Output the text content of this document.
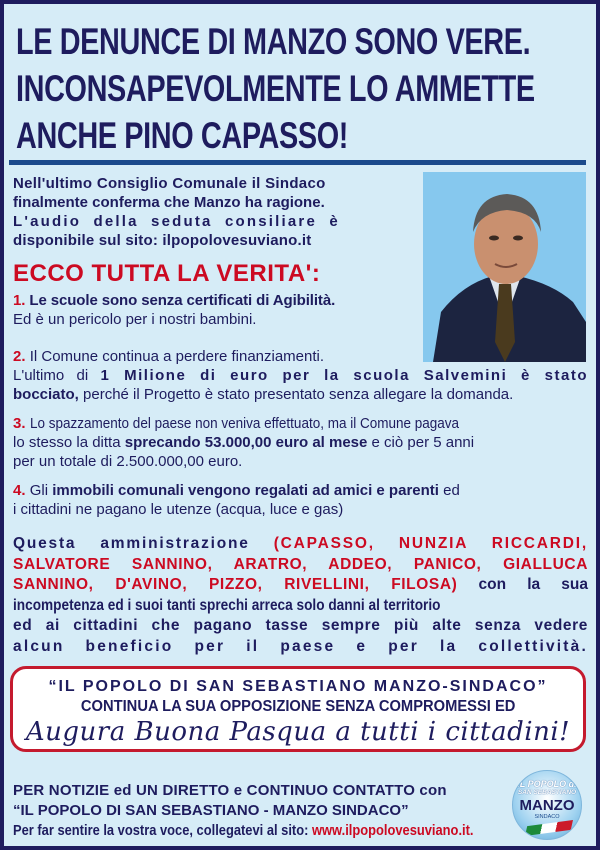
LE DENUNCE DI MANZO SONO VERE.
INCONSAPEVOLMENTE LO AMMETTE
ANCHE PINO CAPASSO!
Nell'ultimo Consiglio Comunale il Sindaco
finalmente conferma che Manzo ha ragione.
L'audio della seduta consiliare è
disponibile sul sito: ilpopolovesuviano.it
ECCO TUTTA LA VERITA':
1. Le scuole sono senza certificati di Agibilità.
Ed è un pericolo per i nostri bambini.
2. Il Comune continua a perdere finanziamenti.
L'ultimo di 1 Milione di euro per la scuola Salvemini è stato
bocciato, perché il Progetto è stato presentato senza allegare la domanda.
3. Lo spazzamento del paese non veniva effettuato, ma il Comune pagava
lo stesso la ditta sprecando 53.000,00 euro al mese e ciò per 5 anni
per un totale di 2.500.000,00 euro.
4. Gli immobili comunali vengono regalati ad amici e parenti ed
i cittadini ne pagano le utenze (acqua, luce e gas)
Questa amministrazione (CAPASSO, NUNZIA RICCARDI,
SALVATORE SANNINO, ARATRO, ADDEO, PANICO, GIALLUCA
SANNINO, D'AVINO, PIZZO, RIVELLINI, FILOSA) con la sua
incompetenza ed i suoi tanti sprechi arreca solo danni al territorio
ed ai cittadini che pagano tasse sempre più alte senza vedere
alcun beneficio per il paese e per la collettività.
“IL POPOLO DI SAN SEBASTIANO MANZO-SINDACO”
CONTINUA LA SUA OPPOSIZIONE SENZA COMPROMESSI ED
Augura Buona Pasqua a tutti i cittadini!
PER NOTIZIE ed UN DIRETTO e CONTINUO CONTATTO con
“IL POPOLO DI SAN SEBASTIANO - MANZO SINDACO”
Per far sentire la vostra voce, collegatevi al sito: www.ilpopolovesuviano.it.
IL POPOLO di
SAN SEBASTIANO
MANZO
SINDACO
